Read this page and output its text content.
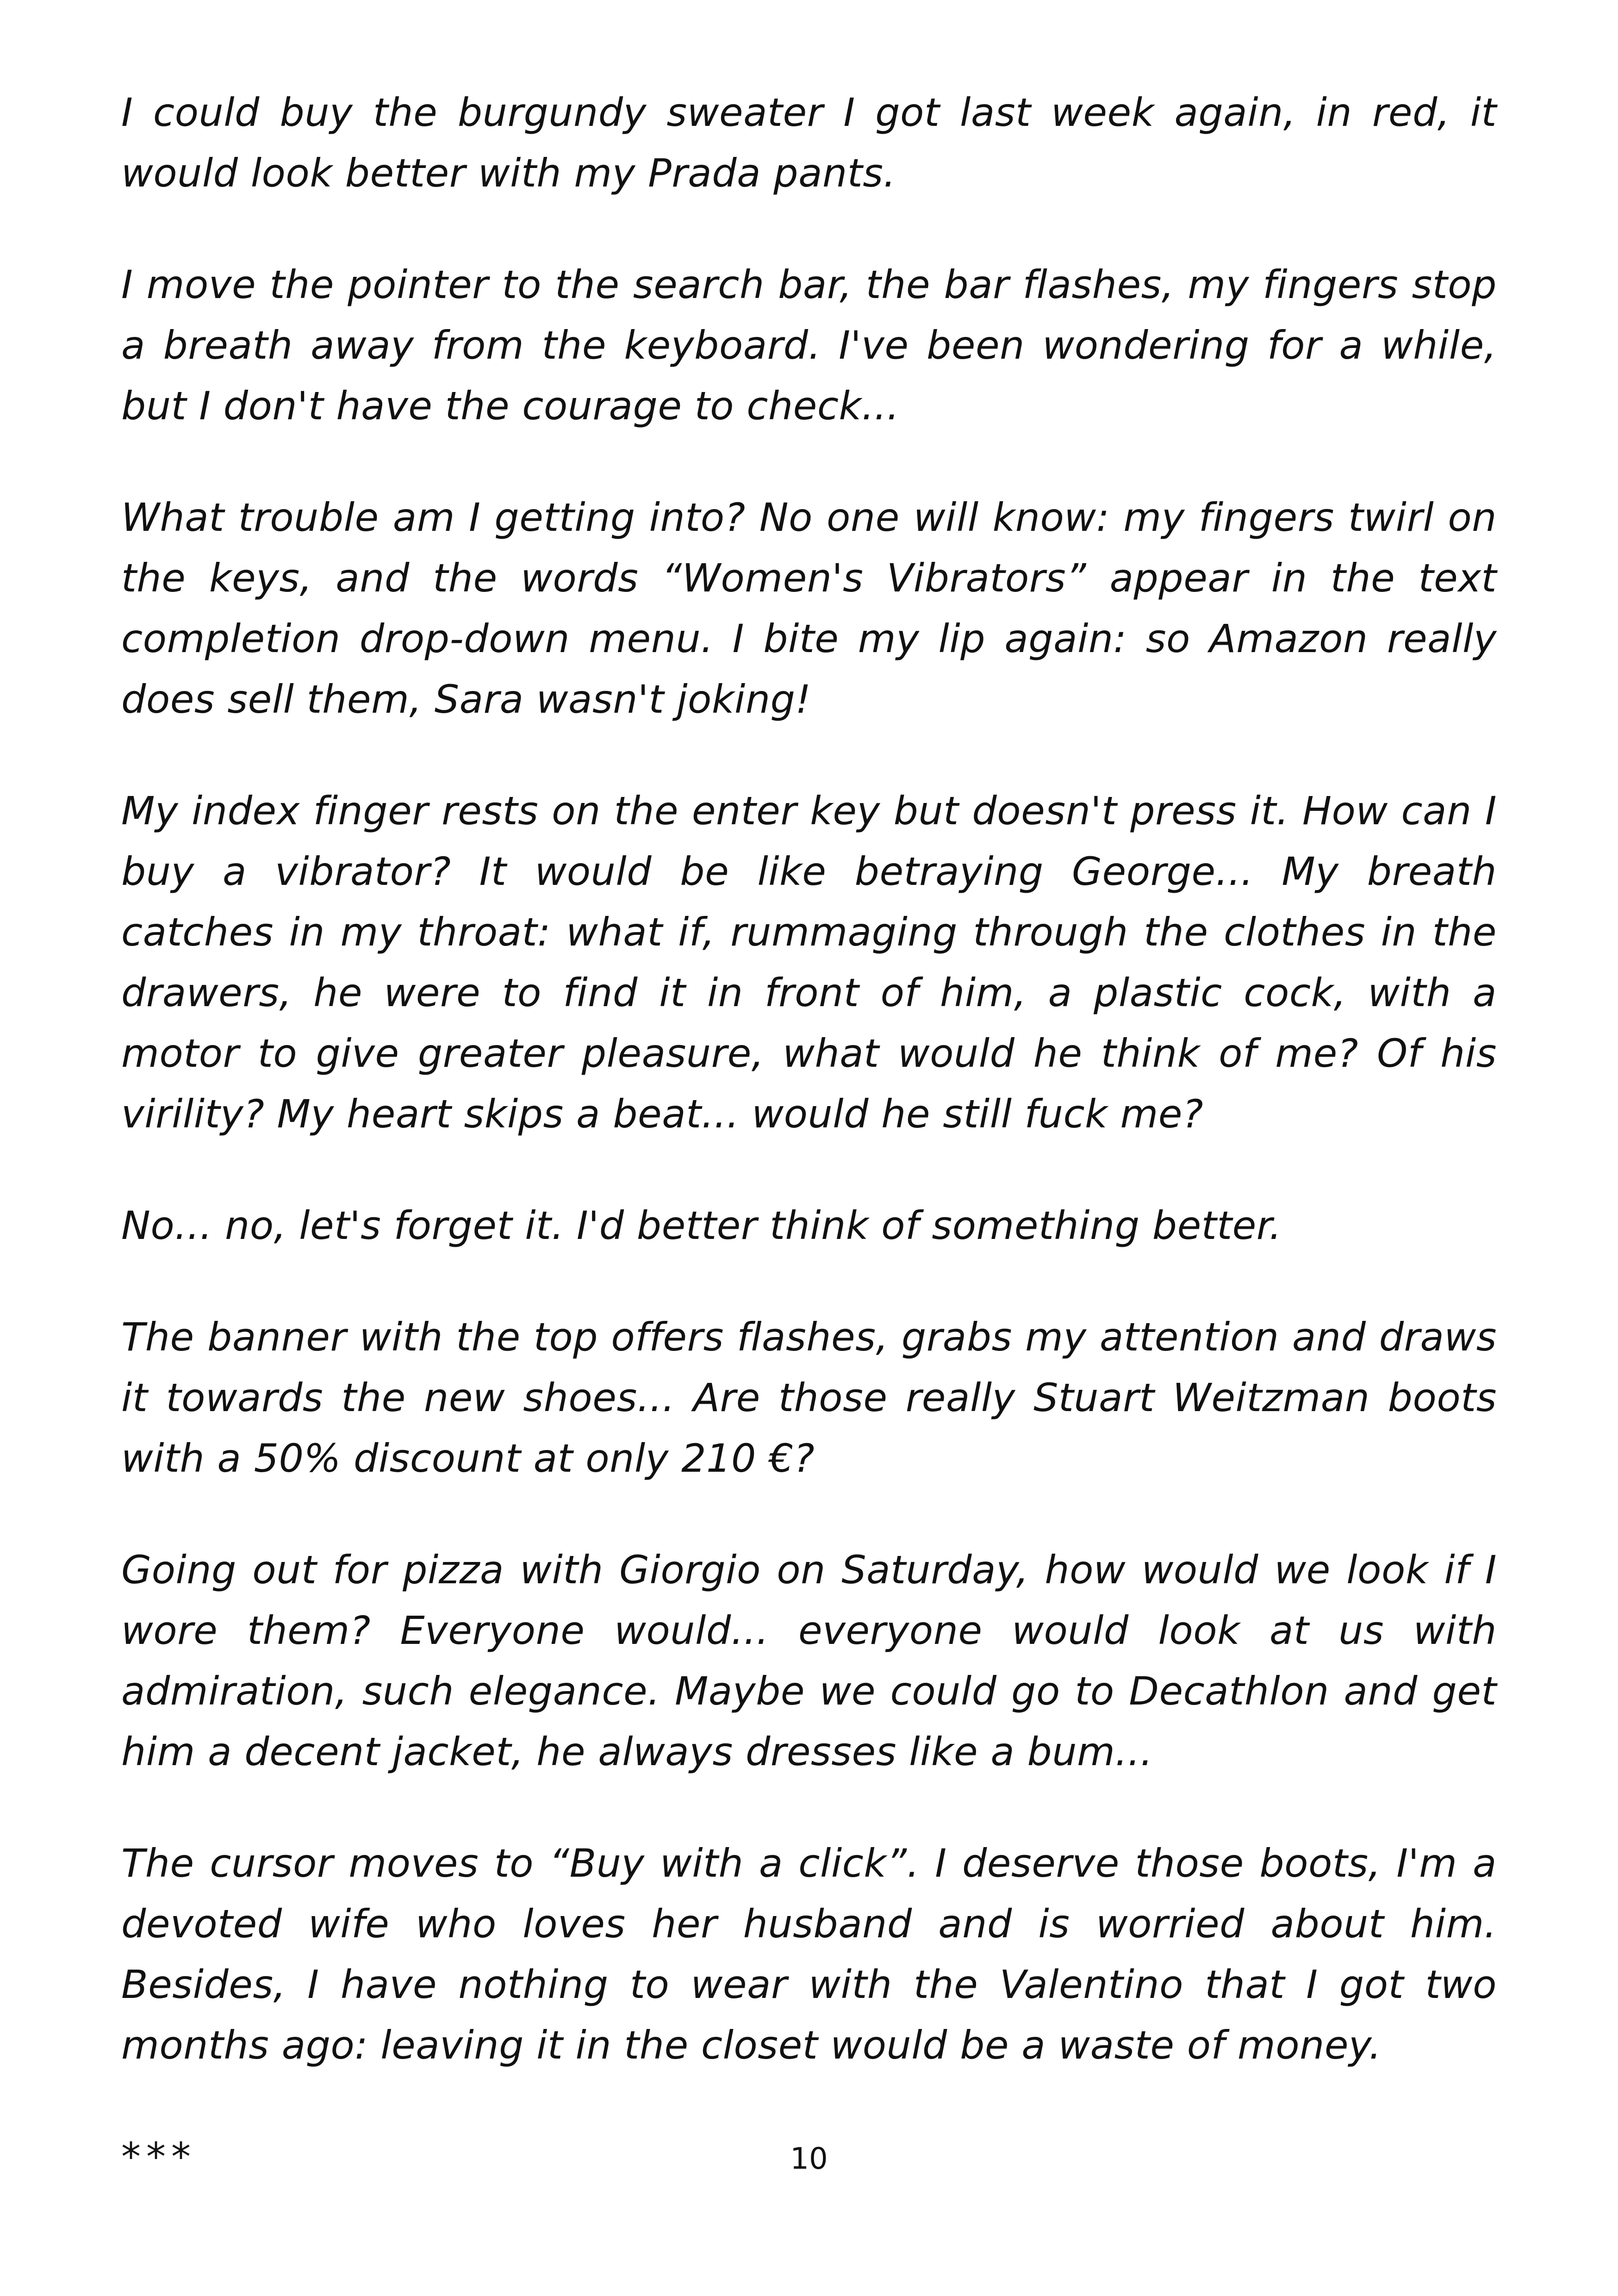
I could buy the burgundy sweater I got last week again, in red, it would look better with my Prada pants.

I move the pointer to the search bar, the bar flashes, my fingers stop a breath away from the keyboard. I've been wondering for a while, but I don't have the courage to check...

What trouble am I getting into? No one will know: my fingers twirl on the keys, and the words “Women's Vibrators” appear in the text completion drop-down menu. I bite my lip again: so Amazon really does sell them, Sara wasn't joking!

My index finger rests on the enter key but doesn't press it. How can I buy a vibrator? It would be like betraying George... My breath catches in my throat: what if, rummaging through the clothes in the drawers, he were to find it in front of him, a plastic cock, with a motor to give greater pleasure, what would he think of me? Of his virility? My heart skips a beat... would he still fuck me?

No... no, let's forget it. I'd better think of something better.

The banner with the top offers flashes, grabs my attention and draws it towards the new shoes... Are those really Stuart Weitzman boots with a 50% discount at only 210 €?

Going out for pizza with Giorgio on Saturday, how would we look if I wore them? Everyone would... everyone would look at us with admiration, such elegance. Maybe we could go to Decathlon and get him a decent jacket, he always dresses like a bum...

The cursor moves to “Buy with a click”. I deserve those boots, I'm a devoted wife who loves her husband and is worried about him. Besides, I have nothing to wear with the Valentino that I got two months ago: leaving it in the closet would be a waste of money.

***	10
